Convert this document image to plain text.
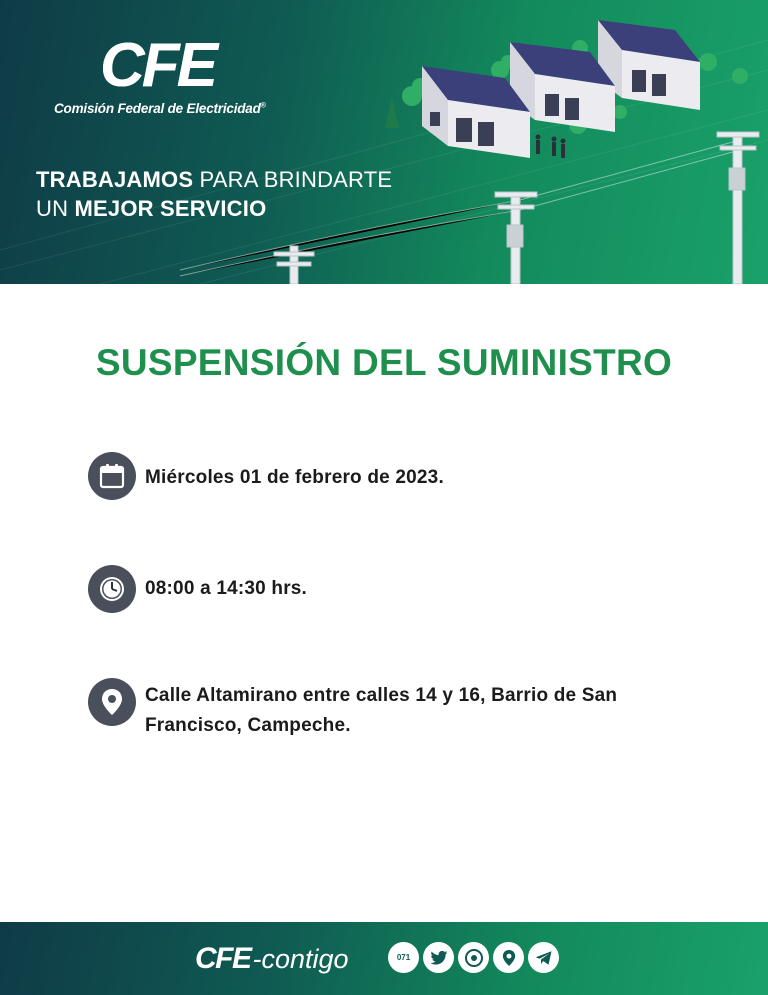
CFE
Comisión Federal de Electricidad®
TRABAJAMOS PARA BRINDARTE
UN MEJOR SERVICIO
SUSPENSIÓN DEL SUMINISTRO
Miércoles 01 de febrero de 2023.
08:00 a 14:30 hrs.
Calle Altamirano entre calles 14 y 16, Barrio de San Francisco, Campeche.
CFE -contigo	071
